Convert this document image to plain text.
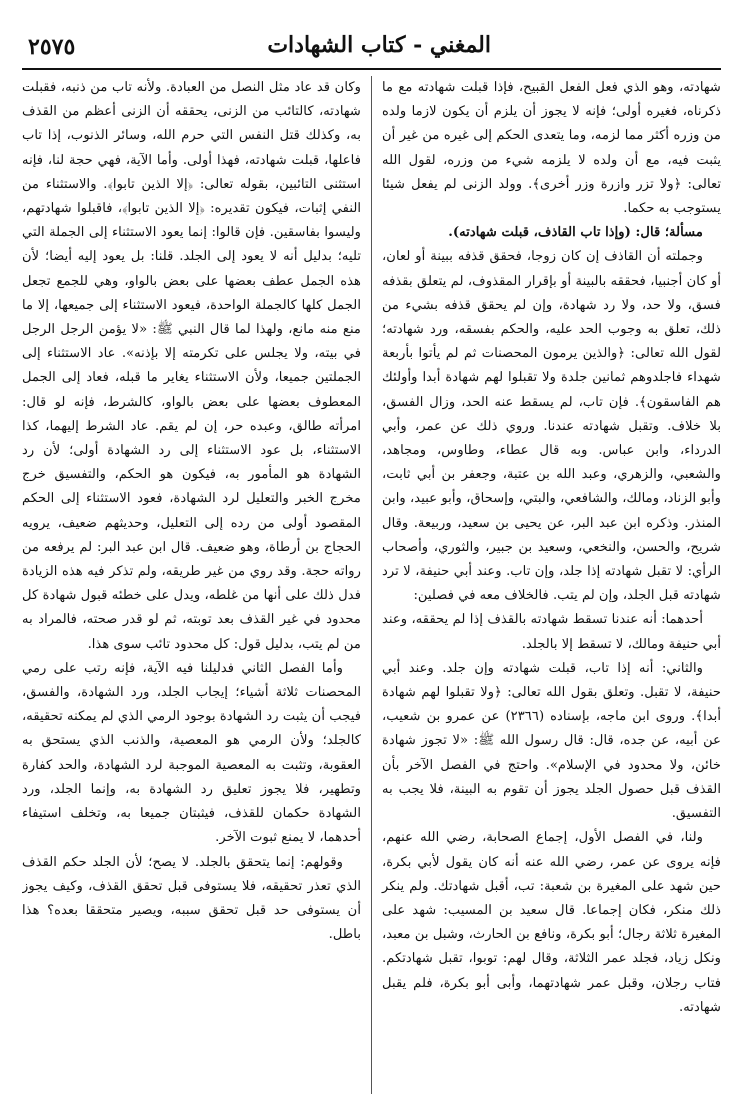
المغني - كتاب الشهادات
٢٥٧٥

شهادته، وهو الذي فعل الفعل القبيح، فإذا قبلت شهادته مع ما ذكرناه، فغيره أولى؛ فإنه لا يجوز أن يلزم أن يكون لازما ولده من وزره أكثر مما لزمه، وما يتعدى الحكم إلى غيره من غير أن يثبت فيه، مع أن ولده لا يلزمه شيء من وزره، لقول الله تعالى: ﴿ولا تزر وازرة وزر أخرى﴾. وولد الزنى لم يفعل شيئا يستوجب به حكما.

مسألة؛ قال: (وإذا تاب القاذف، قبلت شهادته).

وجملته أن القاذف إن كان زوجا، فحقق قذفه ببينة أو لعان، أو كان أجنبيا، فحققه بالبينة أو بإقرار المقذوف، لم يتعلق بقذفه فسق، ولا حد، ولا رد شهادة، وإن لم يحقق قذفه بشيء من ذلك، تعلق به وجوب الحد عليه، والحكم بفسقه، ورد شهادته؛ لقول الله تعالى: ﴿والذين يرمون المحصنات ثم لم يأتوا بأربعة شهداء فاجلدوهم ثمانين جلدة ولا تقبلوا لهم شهادة أبدا وأولئك هم الفاسقون﴾. فإن تاب، لم يسقط عنه الحد، وزال الفسق، بلا خلاف. وتقبل شهادته عندنا. وروي ذلك عن عمر، وأبي الدرداء، وابن عباس. وبه قال عطاء، وطاوس، ومجاهد، والشعبي، والزهري، وعبد الله بن عتبة، وجعفر بن أبي ثابت، وأبو الزناد، ومالك، والشافعي، والبتي، وإسحاق، وأبو عبيد، وابن المنذر. وذكره ابن عبد البر، عن يحيى بن سعيد، وربيعة. وقال شريح، والحسن، والنخعي، وسعيد بن جبير، والثوري، وأصحاب الرأي: لا تقبل شهادته إذا جلد، وإن تاب. وعند أبي حنيفة، لا ترد شهادته قبل الجلد، وإن لم يتب. فالخلاف معه في فصلين:

أحدهما: أنه عندنا تسقط شهادته بالقذف إذا لم يحققه، وعند أبي حنيفة ومالك، لا تسقط إلا بالجلد.

والثاني: أنه إذا تاب، قبلت شهادته وإن جلد. وعند أبي حنيفة، لا تقبل. وتعلق بقول الله تعالى: ﴿ولا تقبلوا لهم شهادة أبدا﴾. وروى ابن ماجه، بإسناده (٢٣٦٦) عن عمرو بن شعيب، عن أبيه، عن جده، قال: قال رسول الله ﷺ: «لا تجوز شهادة خائن، ولا محدود في الإسلام». واحتج في الفصل الآخر بأن القذف قبل حصول الجلد يجوز أن تقوم به البينة، فلا يجب به التفسيق.

ولنا، في الفصل الأول، إجماع الصحابة، رضي الله عنهم، فإنه يروى عن عمر، رضي الله عنه أنه كان يقول لأبي بكرة، حين شهد على المغيرة بن شعبة: تب، أقبل شهادتك. ولم ينكر ذلك منكر، فكان إجماعا. قال سعيد بن المسيب: شهد على المغيرة ثلاثة رجال؛ أبو بكرة، ونافع بن الحارث، وشبل بن معبد، ونكل زياد، فجلد عمر الثلاثة، وقال لهم: توبوا، تقبل شهادتكم. فتاب رجلان، وقبل عمر شهادتهما، وأبى أبو بكرة، فلم يقبل شهادته.

وكان قد عاد مثل النصل من العبادة. ولأنه تاب من ذنبه، فقبلت شهادته، كالتائب من الزنى، يحققه أن الزنى أعظم من القذف به، وكذلك قتل النفس التي حرم الله، وسائر الذنوب، إذا تاب فاعلها، قبلت شهادته، فهذا أولى. وأما الآية، فهي حجة لنا، فإنه استثنى التائبين، بقوله تعالى: ﴿إلا الذين تابوا﴾. والاستثناء من النفي إثبات، فيكون تقديره: ﴿إلا الذين تابوا﴾، فاقبلوا شهادتهم، وليسوا بفاسقين. فإن قالوا: إنما يعود الاستثناء إلى الجملة التي تليه؛ بدليل أنه لا يعود إلى الجلد. قلنا: بل يعود إليه أيضا؛ لأن هذه الجمل عطف بعضها على بعض بالواو، وهي للجمع تجعل الجمل كلها كالجملة الواحدة، فيعود الاستثناء إلى جميعها، إلا ما منع منه مانع، ولهذا لما قال النبي ﷺ: «لا يؤمن الرجل الرجل في بيته، ولا يجلس على تكرمته إلا بإذنه». عاد الاستثناء إلى الجملتين جميعا، ولأن الاستثناء يغاير ما قبله، فعاد إلى الجمل المعطوف بعضها على بعض بالواو، كالشرط، فإنه لو قال: امرأته طالق، وعبده حر، إن لم يقم. عاد الشرط إليهما، كذا الاستثناء، بل عود الاستثناء إلى رد الشهادة أولى؛ لأن رد الشهادة هو المأمور به، فيكون هو الحكم، والتفسيق خرج مخرج الخبر والتعليل لرد الشهادة، فعود الاستثناء إلى الحكم المقصود أولى من رده إلى التعليل، وحديثهم ضعيف، يرويه الحجاج بن أرطاة، وهو ضعيف. قال ابن عبد البر: لم يرفعه من رواته حجة. وقد روي من غير طريقه، ولم تذكر فيه هذه الزيادة فدل ذلك على أنها من غلطه، ويدل على خطئه قبول شهادة كل محدود في غير القذف بعد توبته، ثم لو قدر صحته، فالمراد به من لم يتب، بدليل قول: كل محدود تائب سوى هذا.

وأما الفصل الثاني فدليلنا فيه الآية، فإنه رتب على رمي المحصنات ثلاثة أشياء؛ إيجاب الجلد، ورد الشهادة، والفسق، فيجب أن يثبت رد الشهادة بوجود الرمي الذي لم يمكنه تحقيقه، كالجلد؛ ولأن الرمي هو المعصية، والذنب الذي يستحق به العقوبة، وتثبت به المعصية الموجبة لرد الشهادة، والحد كفارة وتطهير، فلا يجوز تعليق رد الشهادة به، وإنما الجلد، ورد الشهادة حكمان للقذف، فيثبتان جميعا به، وتخلف استيفاء أحدهما، لا يمنع ثبوت الآخر.

وقولهم: إنما يتحقق بالجلد. لا يصح؛ لأن الجلد حكم القذف الذي تعذر تحقيقه، فلا يستوفى قبل تحقق القذف، وكيف يجوز أن يستوفى حد قبل تحقق سببه، ويصير متحققا بعده؟ هذا باطل.
